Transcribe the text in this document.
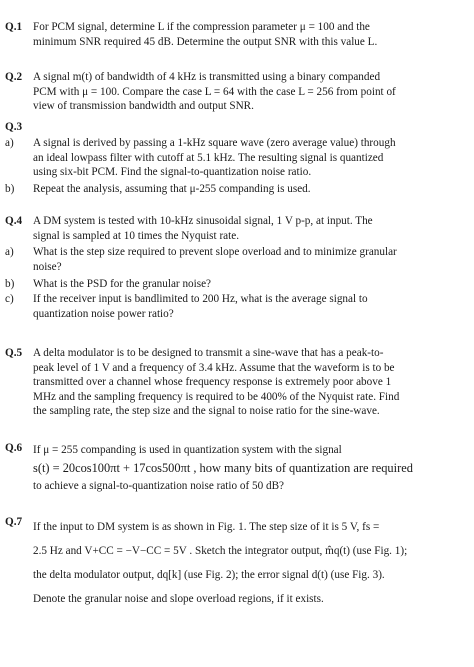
Q.1 For PCM signal, determine L if the compression parameter μ = 100 and the
minimum SNR required 45 dB. Determine the output SNR with this value L.
Q.2 A signal m(t) of bandwidth of 4 kHz is transmitted using a binary companded
PCM with μ = 100. Compare the case L = 64 with the case L = 256 from point of
view of transmission bandwidth and output SNR.
Q.3
a) A signal is derived by passing a 1-kHz square wave (zero average value) through
an ideal lowpass filter with cutoff at 5.1 kHz. The resulting signal is quantized
using six-bit PCM. Find the signal-to-quantization noise ratio.
b) Repeat the analysis, assuming that μ-255 companding is used.
Q.4 A DM system is tested with 10-kHz sinusoidal signal, 1 V p-p, at input. The
signal is sampled at 10 times the Nyquist rate.
a) What is the step size required to prevent slope overload and to minimize granular
noise?
b) What is the PSD for the granular noise?
c) If the receiver input is bandlimited to 200 Hz, what is the average signal to
quantization noise power ratio?
Q.5 A delta modulator is to be designed to transmit a sine-wave that has a peak-to-
peak level of 1 V and a frequency of 3.4 kHz. Assume that the waveform is to be
transmitted over a channel whose frequency response is extremely poor above 1
MHz and the sampling frequency is required to be 400% of the Nyquist rate. Find
the sampling rate, the step size and the signal to noise ratio for the sine-wave.
Q.6 If μ = 255 companding is used in quantization system with the signal
s(t) = 20cos100πt + 17cos500πt , how many bits of quantization are required
to achieve a signal-to-quantization noise ratio of 50 dB?
Q.7 If the input to DM system is as shown in Fig. 1. The step size of it is 5 V, fs =
2.5 Hz and V+CC = −V−CC = 5V . Sketch the integrator output, m̂q(t) (use Fig. 1);
the delta modulator output, dq[k] (use Fig. 2); the error signal d(t) (use Fig. 3).
Denote the granular noise and slope overload regions, if it exists.
